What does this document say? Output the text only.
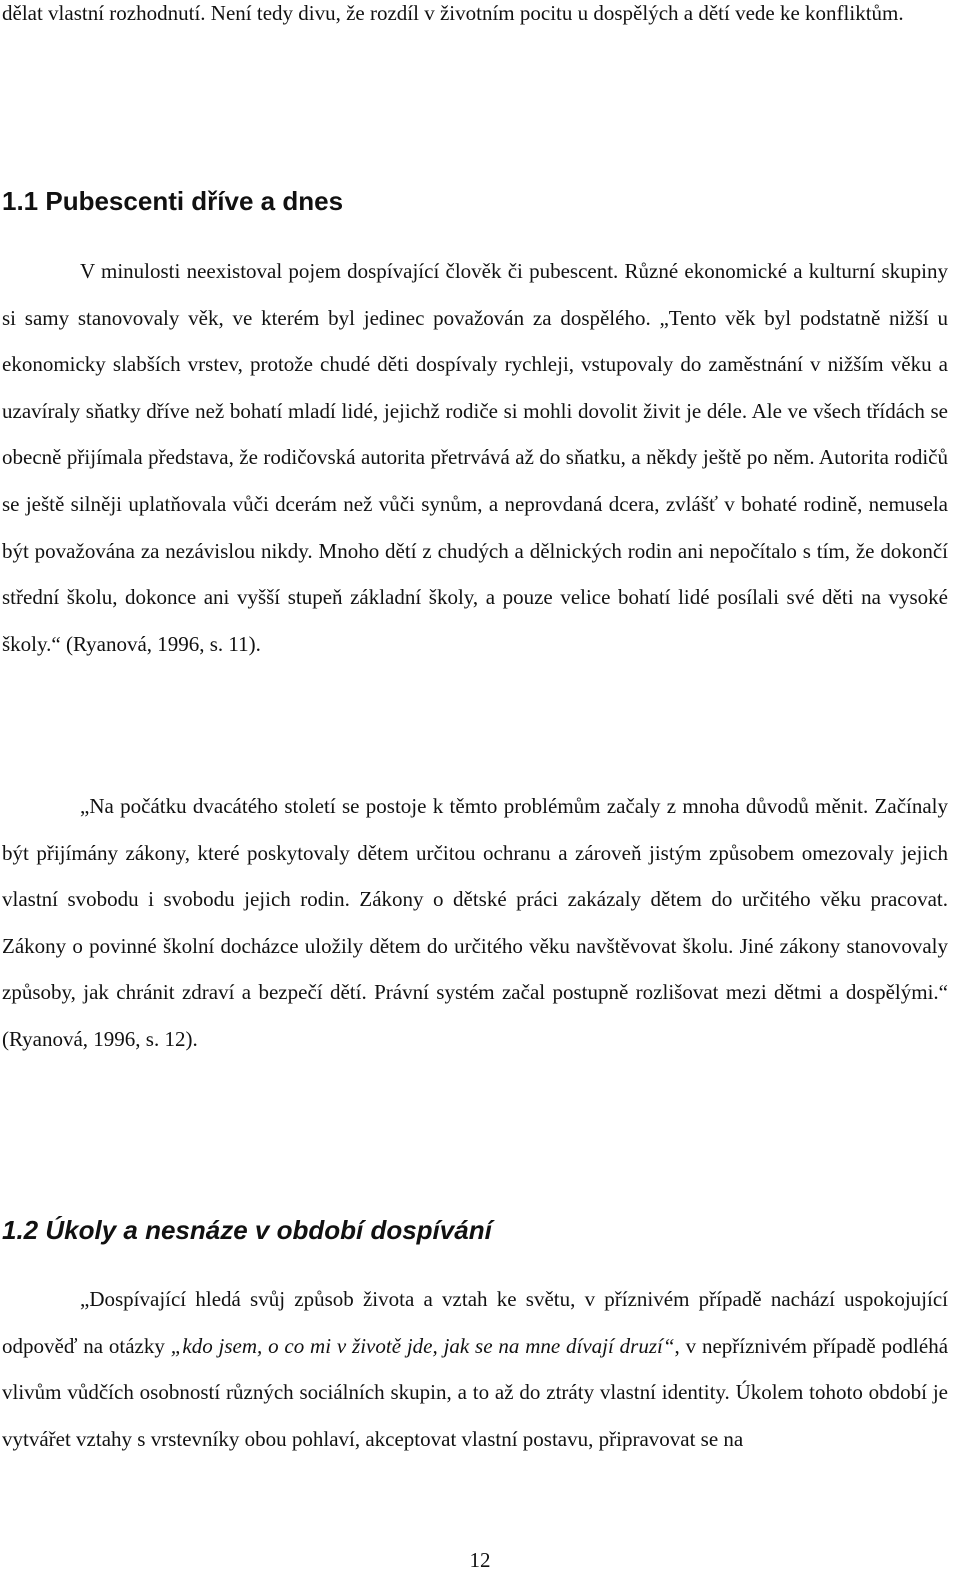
dělat vlastní rozhodnutí. Není tedy divu, že rozdíl v životním pocitu u dospělých a dětí vede ke konfliktům.

1.1 Pubescenti dříve a dnes

V minulosti neexistoval pojem dospívající člověk či pubescent. Různé ekonomické a kulturní skupiny si samy stanovovaly věk, ve kterém byl jedinec považován za dospělého. „Tento věk byl podstatně nižší u ekonomicky slabších vrstev, protože chudé děti dospívaly rychleji, vstupovaly do zaměstnání v nižším věku a uzavíraly sňatky dříve než bohatí mladí lidé, jejichž rodiče si mohli dovolit živit je déle. Ale ve všech třídách se obecně přijímala představa, že rodičovská autorita přetrvává až do sňatku, a někdy ještě po něm. Autorita rodičů se ještě silněji uplatňovala vůči dcerám než vůči synům, a neprovdaná dcera, zvlášť v bohaté rodině, nemusela být považována za nezávislou nikdy. Mnoho dětí z chudých a dělnických rodin ani nepočítalo s tím, že dokončí střední školu, dokonce ani vyšší stupeň základní školy, a pouze velice bohatí lidé posílali své děti na vysoké školy.“ (Ryanová, 1996, s. 11).

„Na počátku dvacátého století se postoje k těmto problémům začaly z mnoha důvodů měnit. Začínaly být přijímány zákony, které poskytovaly dětem určitou ochranu a zároveň jistým způsobem omezovaly jejich vlastní svobodu i svobodu jejich rodin. Zákony o dětské práci zakázaly dětem do určitého věku pracovat. Zákony o povinné školní docházce uložily dětem do určitého věku navštěvovat školu. Jiné zákony stanovovaly způsoby, jak chránit zdraví a bezpečí dětí. Právní systém začal postupně rozlišovat mezi dětmi a dospělými.“ (Ryanová, 1996, s. 12).

1.2 Úkoly a nesnáze v období dospívání

„Dospívající hledá svůj způsob života a vztah ke světu, v příznivém případě nachází uspokojující odpověď na otázky „kdo jsem, o co mi v životě jde, jak se na mne dívají druzí“, v nepříznivém případě podléhá vlivům vůdčích osobností různých sociálních skupin, a to až do ztráty vlastní identity. Úkolem tohoto období je vytvářet vztahy s vrstevníky obou pohlaví, akceptovat vlastní postavu, připravovat se na

12
